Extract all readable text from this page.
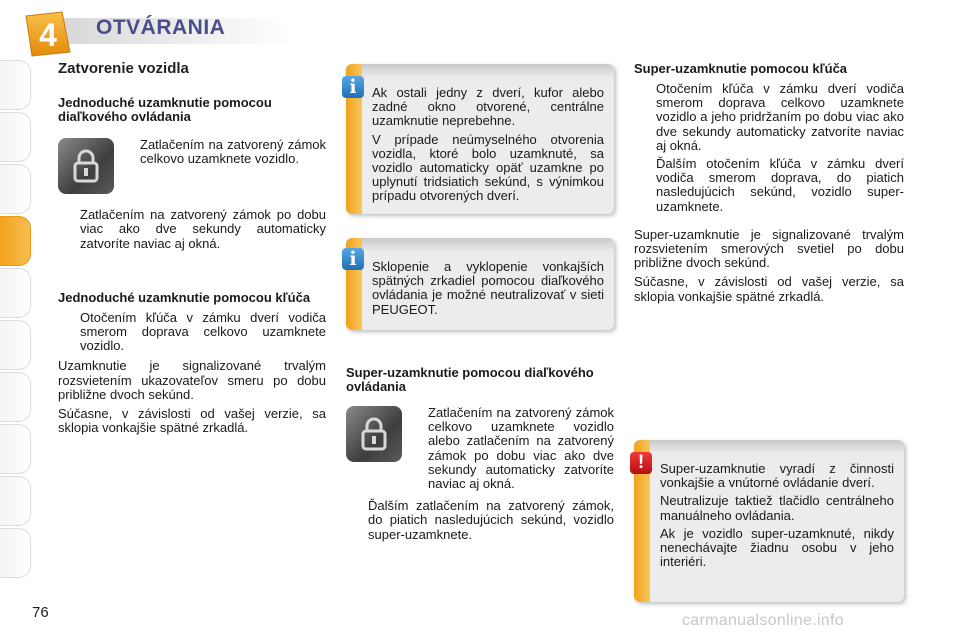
4 OTVÁRANIA
Zatvorenie vozidla
Jednoduché uzamknutie pomocou diaľkového ovládania
Zatlačením na zatvorený zámok celkovo uzamknete vozidlo.
Zatlačením na zatvorený zámok po dobu viac ako dve sekundy automaticky zatvoríte naviac aj okná.
Jednoduché uzamknutie pomocou kľúča
Otočením kľúča v zámku dverí vodiča smerom doprava celkovo uzamknete vozidlo.

Uzamknutie je signalizované trvalým rozsvietením ukazovateľov smeru po dobu približne dvoch sekúnd.

Súčasne, v závislosti od vašej verzie, sa sklopia vonkajšie spätné zrkadlá.

Ak ostali jedny z dverí, kufor alebo zadné okno otvorené, centrálne uzamknutie neprebehne.

V prípade neúmyselného otvorenia vozidla, ktoré bolo uzamknuté, sa vozidlo automaticky opäť uzamkne po uplynutí tridsiatich sekúnd, s výnimkou prípadu otvorených dverí.

i

Sklopenie a vyklopenie vonkajších spätných zrkadiel pomocou diaľkového ovládania je možné neutralizovať v sieti PEUGEOT.

i
Super-uzamknutie pomocou diaľkového ovládania
Zatlačením na zatvorený zámok celkovo uzamknete vozidlo alebo zatlačením na zatvorený zámok po dobu viac ako dve sekundy automaticky zatvoríte naviac aj okná.
Ďalším zatlačením na zatvorený zámok, do piatich nasledujúcich sekúnd, vozidlo super-uzamknete.
Super-uzamknutie pomocou kľúča
Otočením kľúča v zámku dverí vodiča smerom doprava celkovo uzamknete vozidlo a jeho pridržaním po dobu viac ako dve sekundy automaticky zatvoríte naviac aj okná.
Ďalším otočením kľúča v zámku dverí vodiča smerom doprava, do piatich nasledujúcich sekúnd, vozidlo super-uzamknete.

Super-uzamknutie je signalizované trvalým rozsvietením smerových svetiel po dobu približne dvoch sekúnd.

Súčasne, v závislosti od vašej verzie, sa sklopia vonkajšie spätné zrkadlá.

Super-uzamknutie vyradí z činnosti vonkajšie a vnútorné ovládanie dverí.

Neutralizuje taktiež tlačidlo centrálneho manuálneho ovládania.

Ak je vozidlo super-uzamknuté, nikdy nenechávajte žiadnu osobu v jeho interiéri.

!
76	carmanualsonline.info
